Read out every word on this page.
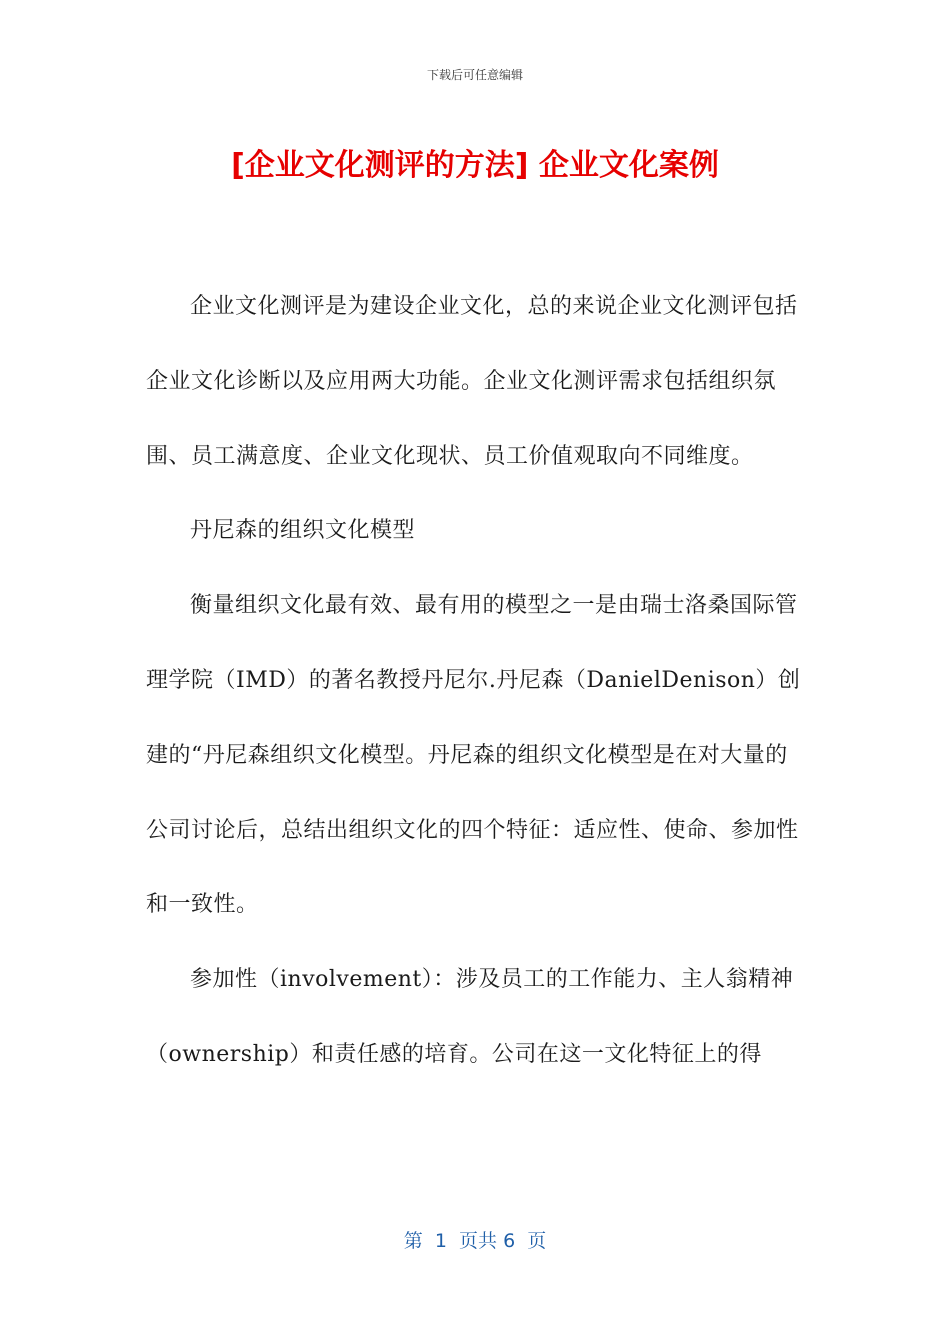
下载后可任意编辑
[企业文化测评的方法] 企业文化案例

企业文化测评是为建设企业文化，总的来说企业文化测评包括企业文化诊断以及应用两大功能。企业文化测评需求包括组织氛围、员工满意度、企业文化现状、员工价值观取向不同维度。

丹尼森的组织文化模型

衡量组织文化最有效、最有用的模型之一是由瑞士洛桑国际管理学院（IMD）的著名教授丹尼尔.丹尼森（DanielDenison）创建的“丹尼森组织文化模型。丹尼森的组织文化模型是在对大量的公司讨论后，总结出组织文化的四个特征：适应性、使命、参加性和一致性。

参加性（involvement）：涉及员工的工作能力、主人翁精神（ownership）和责任感的培育。公司在这一文化特征上的得

第 1 页共 6 页
